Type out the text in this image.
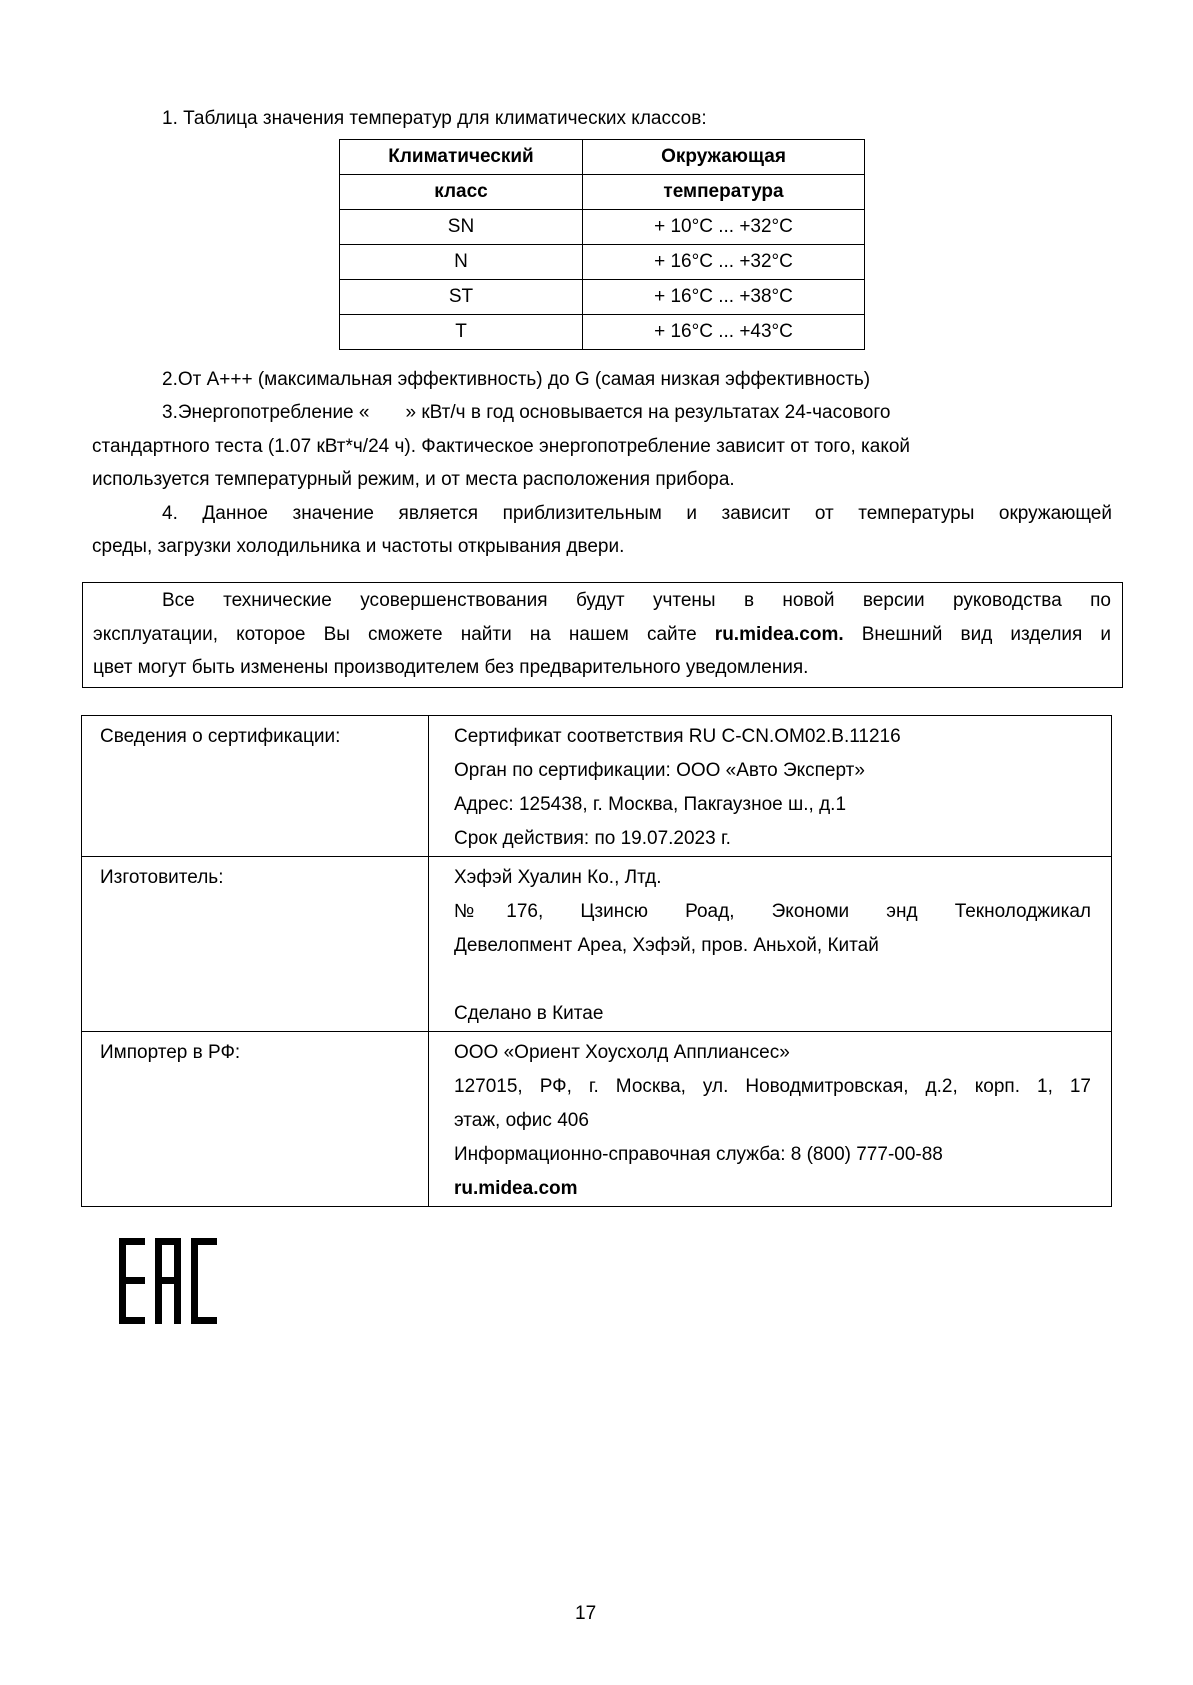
1. Таблица значения температур для климатических классов:
Климатический	Окружающая
класс	температура
SN	+ 10°C ... +32°C
N	+ 16°C ... +32°C
ST	+ 16°C ... +38°C
T	+ 16°C ... +43°C
2.От А+++ (максимальная эффективность) до G (самая низкая эффективность)
3.Энергопотребление « » кВт/ч в год основывается на результатах 24-часового
стандартного теста (1.07 кВт*ч/24 ч). Фактическое энергопотребление зависит от того, какой
используется температурный режим, и от места расположения прибора.
4. Данное значение является приблизительным и зависит от температуры окружающей
среды, загрузки холодильника и частоты открывания двери.
Все технические усовершенствования будут учтены в новой версии руководства по
эксплуатации, которое Вы сможете найти на нашем сайте ru.midea.com. Внешний вид изделия и
цвет могут быть изменены производителем без предварительного уведомления.
Сведения о сертификации:	Сертификат соответствия RU С-CN.ОМ02.В.11216
Орган по сертификации: ООО «Авто Эксперт»
Адрес: 125438, г. Москва, Пакгаузное ш., д.1
Срок действия: по 19.07.2023 г.

Изготовитель:	Хэфэй Хуалин Ко., Лтд.
№176, Цзинсю Роад, Экономи энд Текнолоджикал
Девелопмент Ареа, Хэфэй, пров. Аньхой, Китай
Сделано в Китае

Импортер в РФ:	ООО «Ориент Хоусхолд Апплиансес»
127015, РФ, г. Москва, ул. Новодмитровская, д.2, корп. 1, 17
этаж, офис 406
Информационно-справочная служба: 8 (800) 777-00-88
ru.midea.com
17
